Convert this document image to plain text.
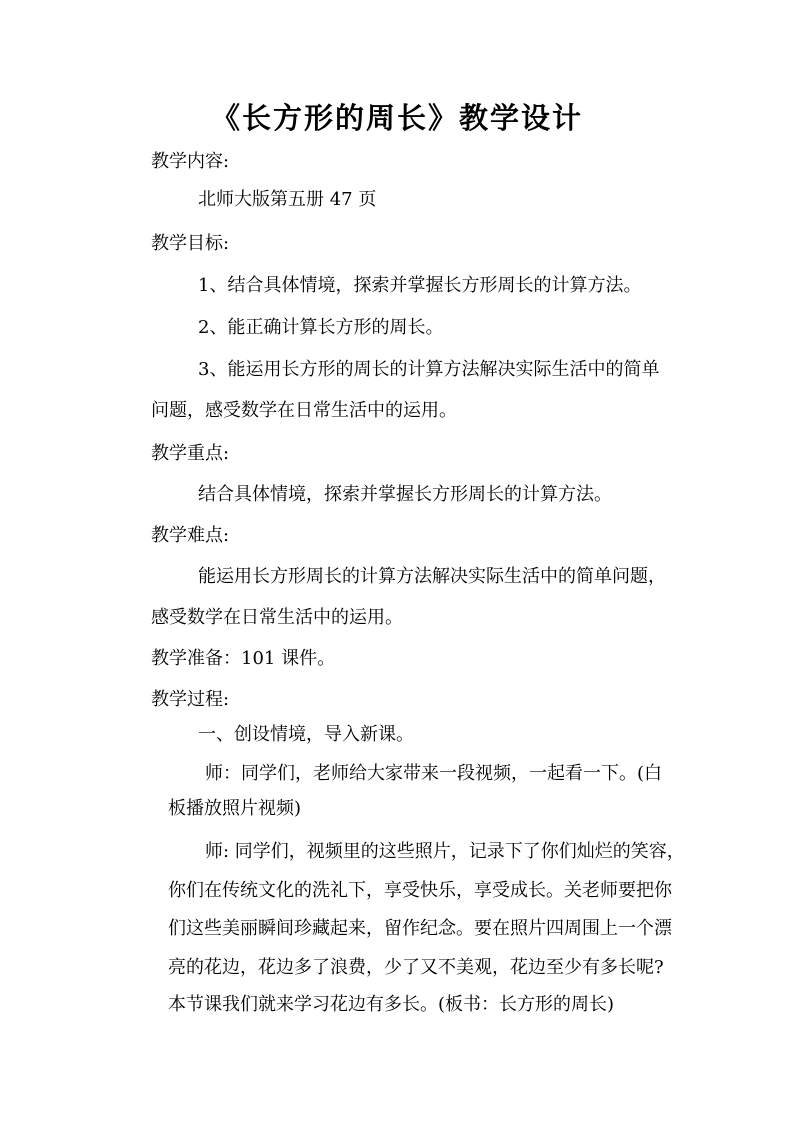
《长方形的周长》教学设计
教学内容:
北师大版第五册 47 页
教学目标:
1、结合具体情境，探索并掌握长方形周长的计算方法。
2、能正确计算长方形的周长。
3、能运用长方形的周长的计算方法解决实际生活中的简单
问题，感受数学在日常生活中的运用。
教学重点:
结合具体情境，探索并掌握长方形周长的计算方法。
教学难点:
能运用长方形周长的计算方法解决实际生活中的简单问题，
感受数学在日常生活中的运用。
教学准备：101 课件。
教学过程:
一、创设情境，导入新课。
师：同学们，老师给大家带来一段视频，一起看一下。(白
板播放照片视频)
师: 同学们，视频里的这些照片，记录下了你们灿烂的笑容，
你们在传统文化的洗礼下，享受快乐，享受成长。关老师要把你
们这些美丽瞬间珍藏起来，留作纪念。要在照片四周围上一个漂
亮的花边，花边多了浪费，少了又不美观，花边至少有多长呢?
本节课我们就来学习花边有多长。(板书：长方形的周长)
